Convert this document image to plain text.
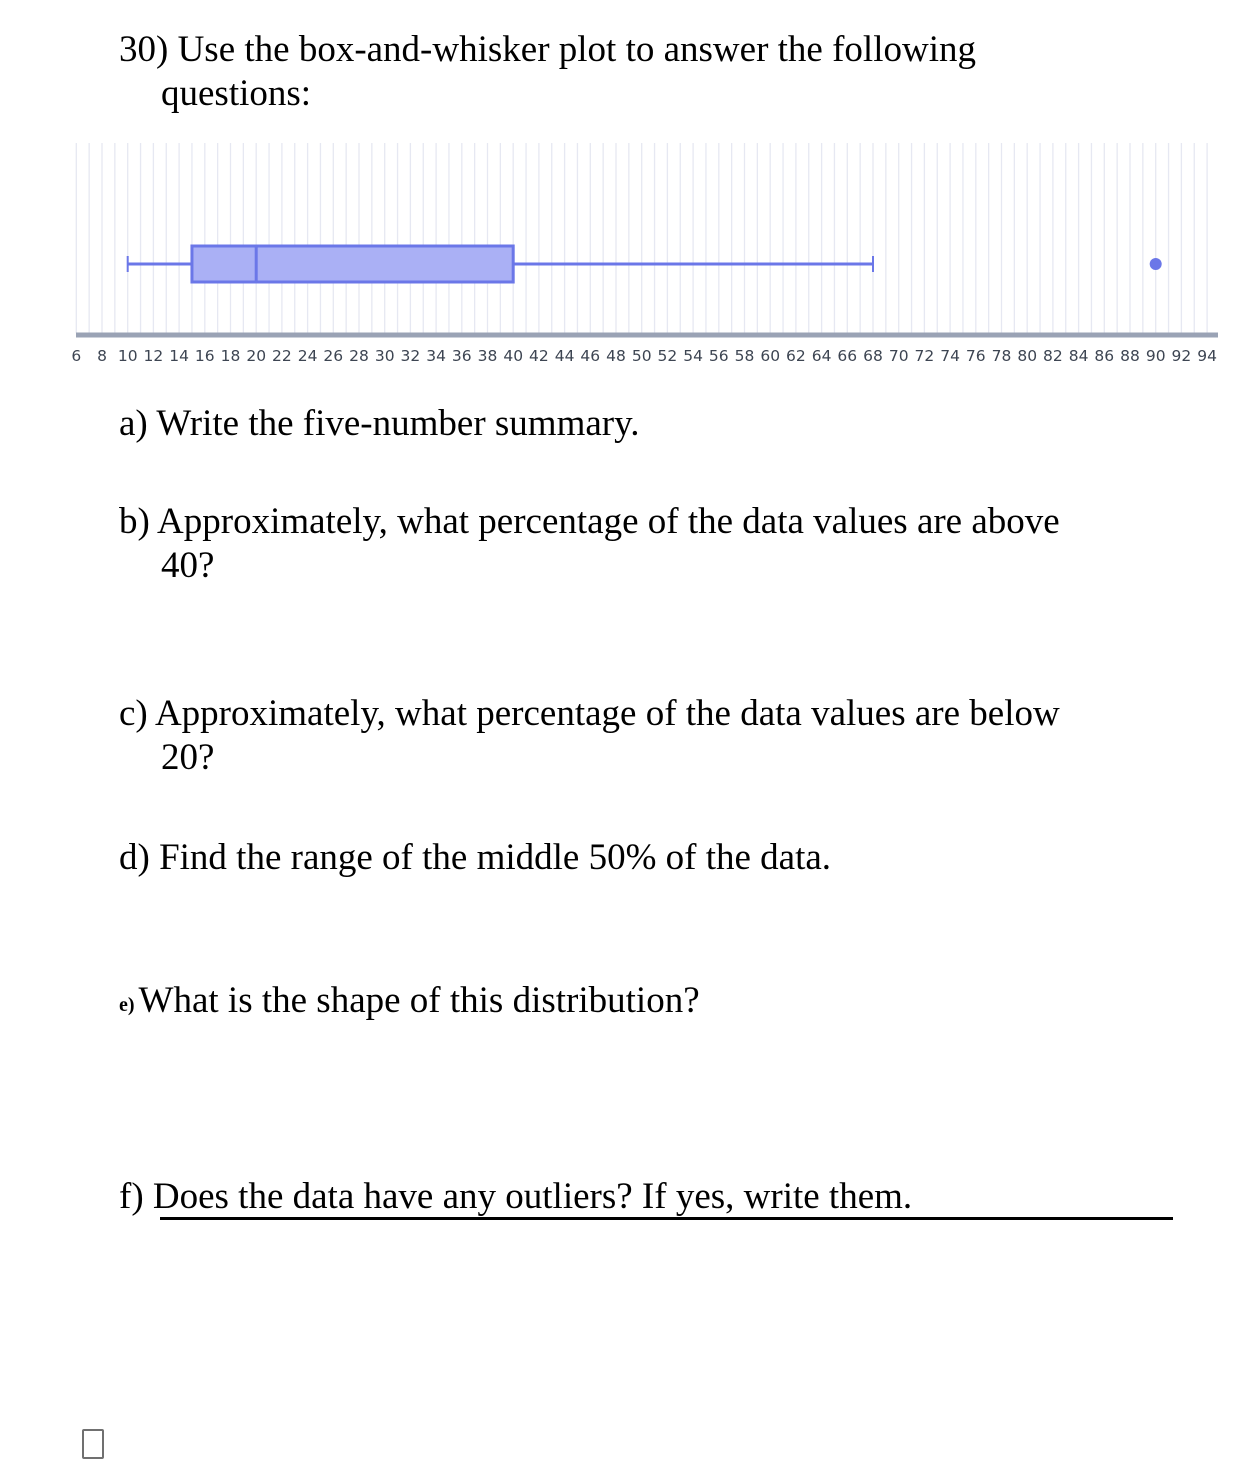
30) Use the box-and-whisker plot to answer the following
questions:

6 8 10 12 14 16 18 20 22 24 26 28 30 32 34 36 38 40 42 44 46 48 50 52 54 56 58 60 62 64 66 68 70 72 74 76 78 80 82 84 86 88 90 92 94

a) Write the five-number summary.

b) Approximately, what percentage of the data values are above
40?

c) Approximately, what percentage of the data values are below
20?

d) Find the range of the middle 50% of the data.

e) What is the shape of this distribution?

f) Does the data have any outliers? If yes, write them.
